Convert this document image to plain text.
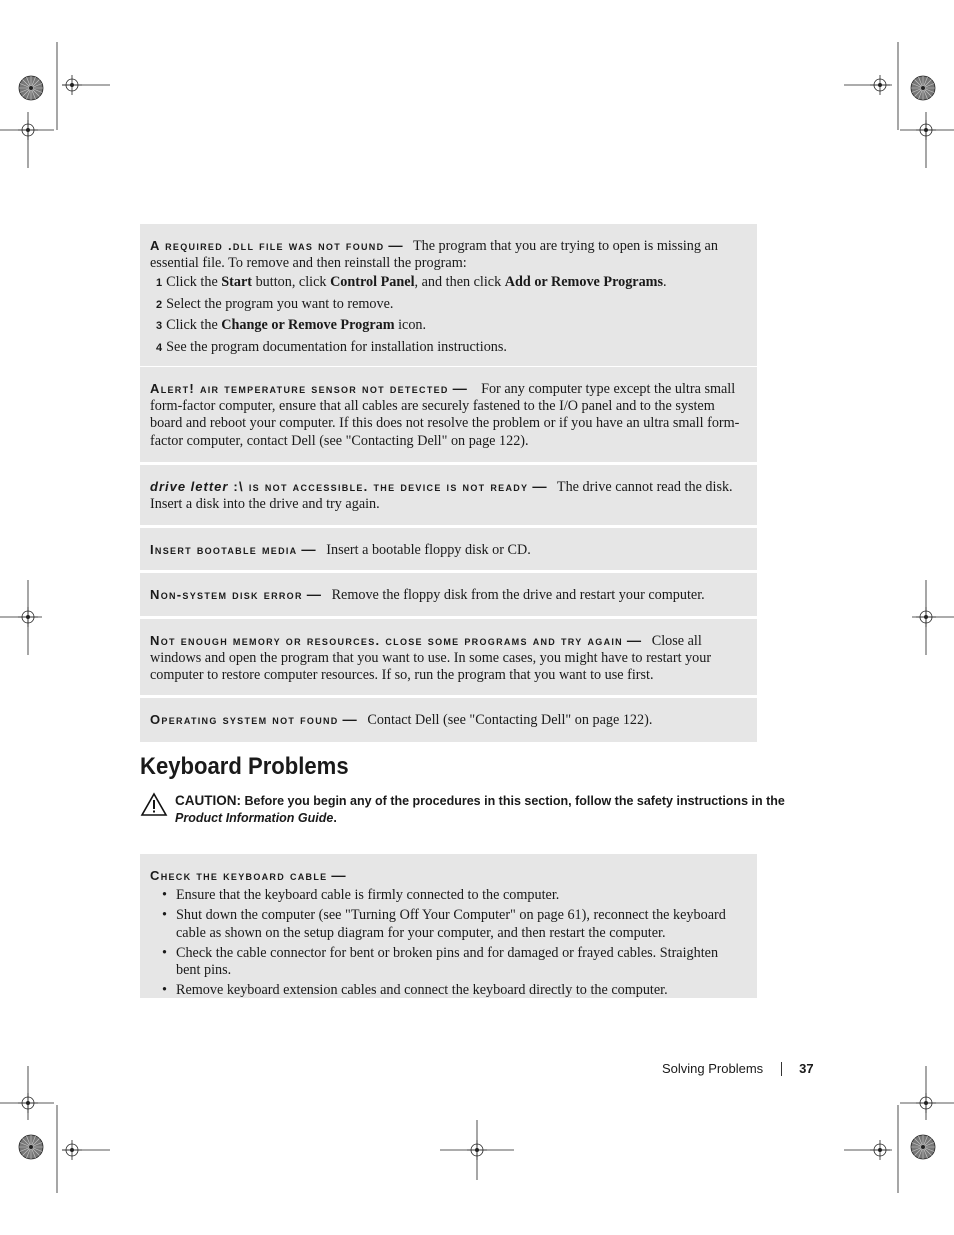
A required .dll file was not found — The program that you are trying to open is missing an essential file. To remove and then reinstall the program:
1 Click the Start button, click Control Panel, and then click Add or Remove Programs.
2 Select the program you want to remove.
3 Click the Change or Remove Program icon.
4 See the program documentation for installation instructions.
Alert! air temperature sensor not detected — For any computer type except the ultra small form-factor computer, ensure that all cables are securely fastened to the I/O panel and to the system board and reboot your computer. If this does not resolve the problem or if you have an ultra small form-factor computer, contact Dell (see "Contacting Dell" on page 122).
drive letter :\ is not accessible. the device is not ready — The drive cannot read the disk. Insert a disk into the drive and try again.
Insert bootable media — Insert a bootable floppy disk or CD.
Non-system disk error — Remove the floppy disk from the drive and restart your computer.
Not enough memory or resources. close some programs and try again — Close all windows and open the program that you want to use. In some cases, you might have to restart your computer to restore computer resources. If so, run the program that you want to use first.
Operating system not found — Contact Dell (see "Contacting Dell" on page 122).
Keyboard Problems
CAUTION: Before you begin any of the procedures in this section, follow the safety instructions in the Product Information Guide.
Check the keyboard cable —
• Ensure that the keyboard cable is firmly connected to the computer.
• Shut down the computer (see "Turning Off Your Computer" on page 61), reconnect the keyboard cable as shown on the setup diagram for your computer, and then restart the computer.
• Check the cable connector for bent or broken pins and for damaged or frayed cables. Straighten bent pins.
• Remove keyboard extension cables and connect the keyboard directly to the computer.
Solving Problems	37
